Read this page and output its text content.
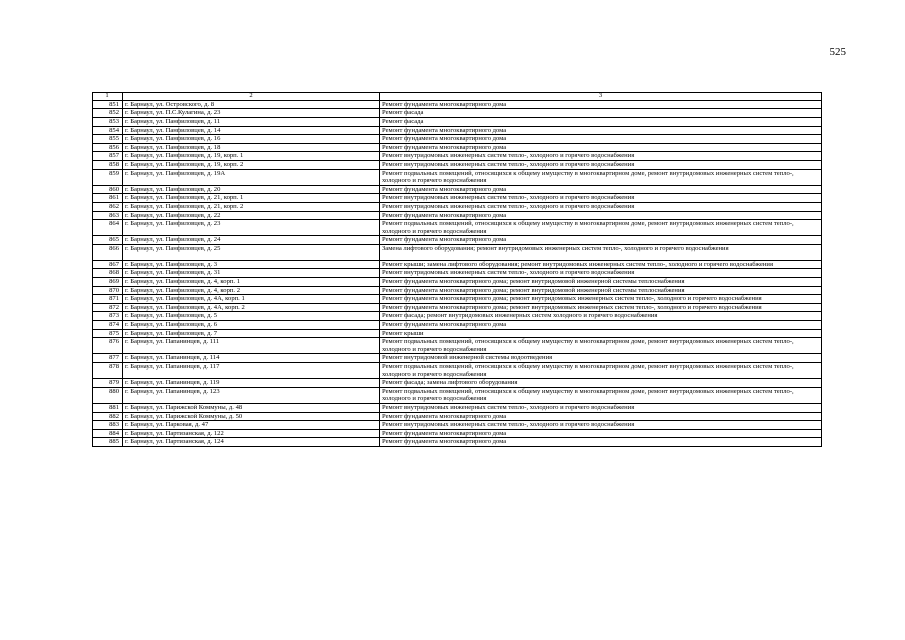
525
1	2	3
851	г. Барнаул, ул. Островского, д. 8	Ремонт фундамента многоквартирного дома
852	г. Барнаул, ул. П.С.Кулагина, д. 23	Ремонт фасада
853	г. Барнаул, ул. Панфиловцев, д. 11	Ремонт фасада
854	г. Барнаул, ул. Панфиловцев, д. 14	Ремонт фундамента многоквартирного дома
855	г. Барнаул, ул. Панфиловцев, д. 16	Ремонт фундамента многоквартирного дома
856	г. Барнаул, ул. Панфиловцев, д. 18	Ремонт фундамента многоквартирного дома
857	г. Барнаул, ул. Панфиловцев, д. 19, корп. 1	Ремонт внутридомовых инженерных систем тепло-, холодного и горячего водоснабжения
858	г. Барнаул, ул. Панфиловцев, д. 19, корп. 2	Ремонт внутридомовых инженерных систем тепло-, холодного и горячего водоснабжения
859	г. Барнаул, ул. Панфиловцев, д. 19А	Ремонт подвальных помещений, относящихся к общему имуществу в многоквартирном доме, ремонт внутридомовых инженерных систем тепло-, холодного и горячего водоснабжения
860	г. Барнаул, ул. Панфиловцев, д. 20	Ремонт фундамента многоквартирного дома
861	г. Барнаул, ул. Панфиловцев, д. 21, корп. 1	Ремонт внутридомовых инженерных систем тепло-, холодного и горячего водоснабжения
862	г. Барнаул, ул. Панфиловцев, д. 21, корп. 2	Ремонт внутридомовых инженерных систем тепло-, холодного и горячего водоснабжения
863	г. Барнаул, ул. Панфиловцев, д. 22	Ремонт фундамента многоквартирного дома
864	г. Барнаул, ул. Панфиловцев, д. 23	Ремонт подвальных помещений, относящихся к общему имуществу в многоквартирном доме, ремонт внутридомовых инженерных систем тепло-, холодного и горячего водоснабжения
865	г. Барнаул, ул. Панфиловцев, д. 24	Ремонт фундамента многоквартирного дома
866	г. Барнаул, ул. Панфиловцев, д. 25	Замена лифтового оборудования; ремонт внутридомовых инженерных систем тепло-, холодного и горячего водоснабжения
867	г. Барнаул, ул. Панфиловцев, д. 3	Ремонт крыши; замена лифтового оборудования; ремонт внутридомовых инженерных систем тепло-, холодного и горячего водоснабжения
868	г. Барнаул, ул. Панфиловцев, д. 31	Ремонт внутридомовых инженерных систем тепло-, холодного и горячего водоснабжения
869	г. Барнаул, ул. Панфиловцев, д. 4, корп. 1	Ремонт фундамента многоквартирного дома; ремонт внутридомовой инженерной системы теплоснабжения
870	г. Барнаул, ул. Панфиловцев, д. 4, корп. 2	Ремонт фундамента многоквартирного дома; ремонт внутридомовой инженерной системы теплоснабжения
871	г. Барнаул, ул. Панфиловцев, д. 4А, корп. 1	Ремонт фундамента многоквартирного дома; ремонт внутридомовых инженерных систем тепло-, холодного и горячего водоснабжения
872	г. Барнаул, ул. Панфиловцев, д. 4А, корп. 2	Ремонт фундамента многоквартирного дома; ремонт внутридомовых инженерных систем тепло-, холодного и горячего водоснабжения
873	г. Барнаул, ул. Панфиловцев, д. 5	Ремонт фасада; ремонт внутридомовых инженерных систем холодного и горячего водоснабжения
874	г. Барнаул, ул. Панфиловцев, д. 6	Ремонт фундамента многоквартирного дома
875	г. Барнаул, ул. Панфиловцев, д. 7	Ремонт крыши
876	г. Барнаул, ул. Папанинцев, д. 111	Ремонт подвальных помещений, относящихся к общему имуществу в многоквартирном доме, ремонт внутридомовых инженерных систем тепло-, холодного и горячего водоснабжения
877	г. Барнаул, ул. Папанинцев, д. 114	Ремонт внутридомовой инженерной системы водоотведения
878	г. Барнаул, ул. Папанинцев, д. 117	Ремонт подвальных помещений, относящихся к общему имуществу в многоквартирном доме, ремонт внутридомовых инженерных систем тепло-, холодного и горячего водоснабжения
879	г. Барнаул, ул. Папанинцев, д. 119	Ремонт фасада; замена лифтового оборудования
880	г. Барнаул, ул. Папанинцев, д. 123	Ремонт подвальных помещений, относящихся к общему имуществу в многоквартирном доме, ремонт внутридомовых инженерных систем тепло-, холодного и горячего водоснабжения
881	г. Барнаул, ул. Парижской Коммуны, д. 48	Ремонт внутридомовых инженерных систем тепло-, холодного и горячего водоснабжения
882	г. Барнаул, ул. Парижской Коммуны, д. 50	Ремонт фундамента многоквартирного дома
883	г. Барнаул, ул. Парковая, д. 47	Ремонт внутридомовых инженерных систем тепло-, холодного и горячего водоснабжения
884	г. Барнаул, ул. Партизанская, д. 122	Ремонт фундамента многоквартирного дома
885	г. Барнаул, ул. Партизанская, д. 124	Ремонт фундамента многоквартирного дома
